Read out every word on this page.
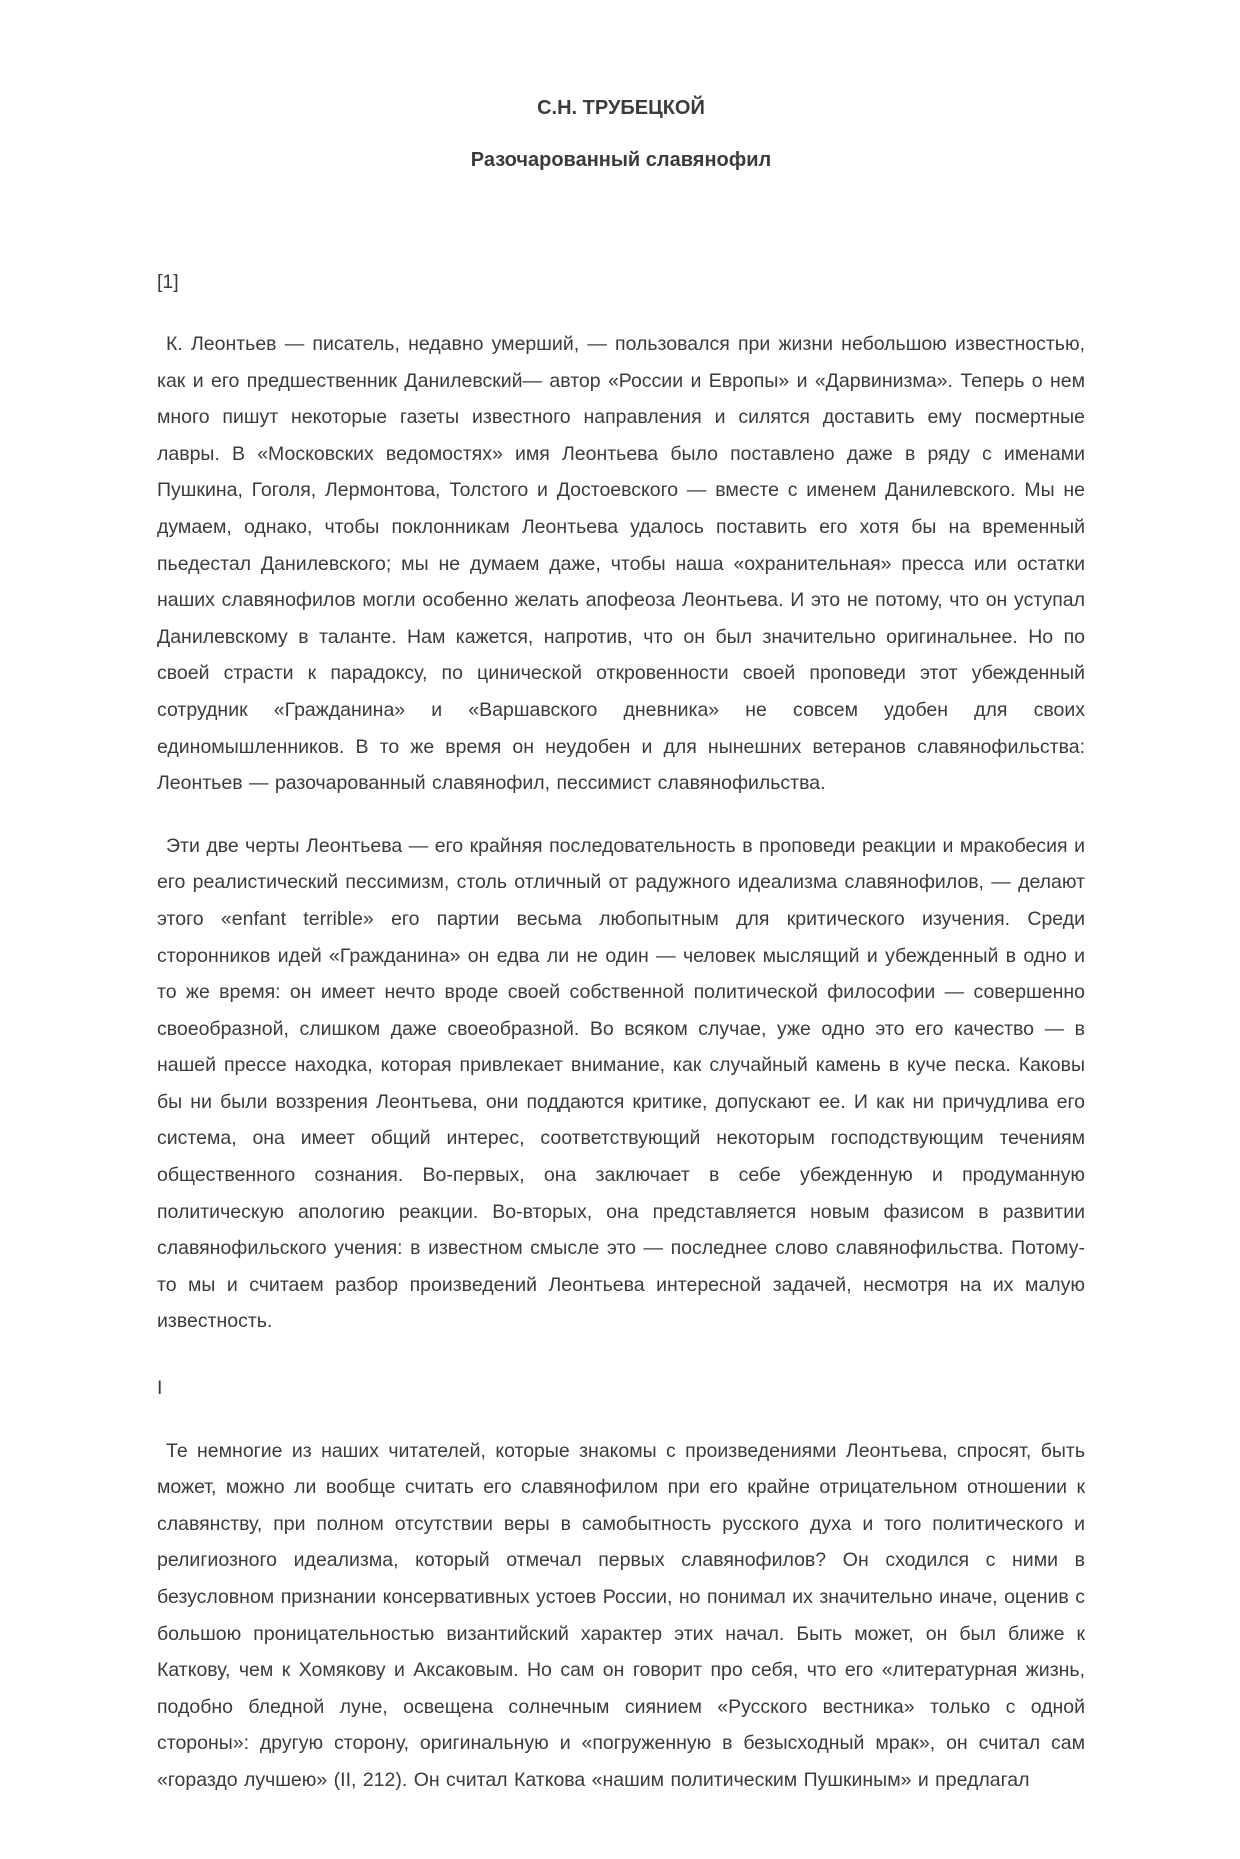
С.Н. ТРУБЕЦКОЙ
Разочарованный славянофил

[1]

К. Леонтьев — писатель, недавно умерший, — пользовался при жизни небольшою известностью, как и его предшественник Данилевский— автор «России и Европы» и «Дарвинизма». Теперь о нем много пишут некоторые газеты известного направления и силятся доставить ему посмертные лавры. В «Московских ведомостях» имя Леонтьева было поставлено даже в ряду с именами Пушкина, Гоголя, Лермонтова, Толстого и Достоевского — вместе с именем Данилевского. Мы не думаем, однако, чтобы поклонникам Леонтьева удалось поставить его хотя бы на временный пьедестал Данилевского; мы не думаем даже, чтобы наша «охранительная» пресса или остатки наших славянофилов могли особенно желать апофеоза Леонтьева. И это не потому, что он уступал Данилевскому в таланте. Нам кажется, напротив, что он был значительно оригинальнее. Но по своей страсти к парадоксу, по цинической откровенности своей проповеди этот убежденный сотрудник «Гражданина» и «Варшавского дневника» не совсем удобен для своих единомышленников. В то же время он неудобен и для нынешних ветеранов славянофильства: Леонтьев — разочарованный славянофил, пессимист славянофильства.

Эти две черты Леонтьева — его крайняя последовательность в проповеди реакции и мракобесия и его реалистический пессимизм, столь отличный от радужного идеализма славянофилов, — делают этого «enfant terrible» его партии весьма любопытным для критического изучения. Среди сторонников идей «Гражданина» он едва ли не один — человек мыслящий и убежденный в одно и то же время: он имеет нечто вроде своей собственной политической философии — совершенно своеобразной, слишком даже своеобразной. Во всяком случае, уже одно это его качество — в нашей прессе находка, которая привлекает внимание, как случайный камень в куче песка. Каковы бы ни были воззрения Леонтьева, они поддаются критике, допускают ее. И как ни причудлива его система, она имеет общий интерес, соответствующий некоторым господствующим течениям общественного сознания. Во-первых, она заключает в себе убежденную и продуманную политическую апологию реакции. Во-вторых, она представляется новым фазисом в развитии славянофильского учения: в известном смысле это — последнее слово славянофильства. Потому-то мы и считаем разбор произведений Леонтьева интересной задачей, несмотря на их малую известность.

I

Те немногие из наших читателей, которые знакомы с произведениями Леонтьева, спросят, быть может, можно ли вообще считать его славянофилом при его крайне отрицательном отношении к славянству, при полном отсутствии веры в самобытность русского духа и того политического и религиозного идеализма, который отмечал первых славянофилов? Он сходился с ними в безусловном признании консервативных устоев России, но понимал их значительно иначе, оценив с большою проницательностью византийский характер этих начал. Быть может, он был ближе к Каткову, чем к Хомякову и Аксаковым. Но сам он говорит про себя, что его «литературная жизнь, подобно бледной луне, освещена солнечным сиянием «Русского вестника» только с одной стороны»: другую сторону, оригинальную и «погруженную в безысходный мрак», он считал сам «гораздо лучшею» (II, 212). Он считал Каткова «нашим политическим Пушкиным» и предлагал
